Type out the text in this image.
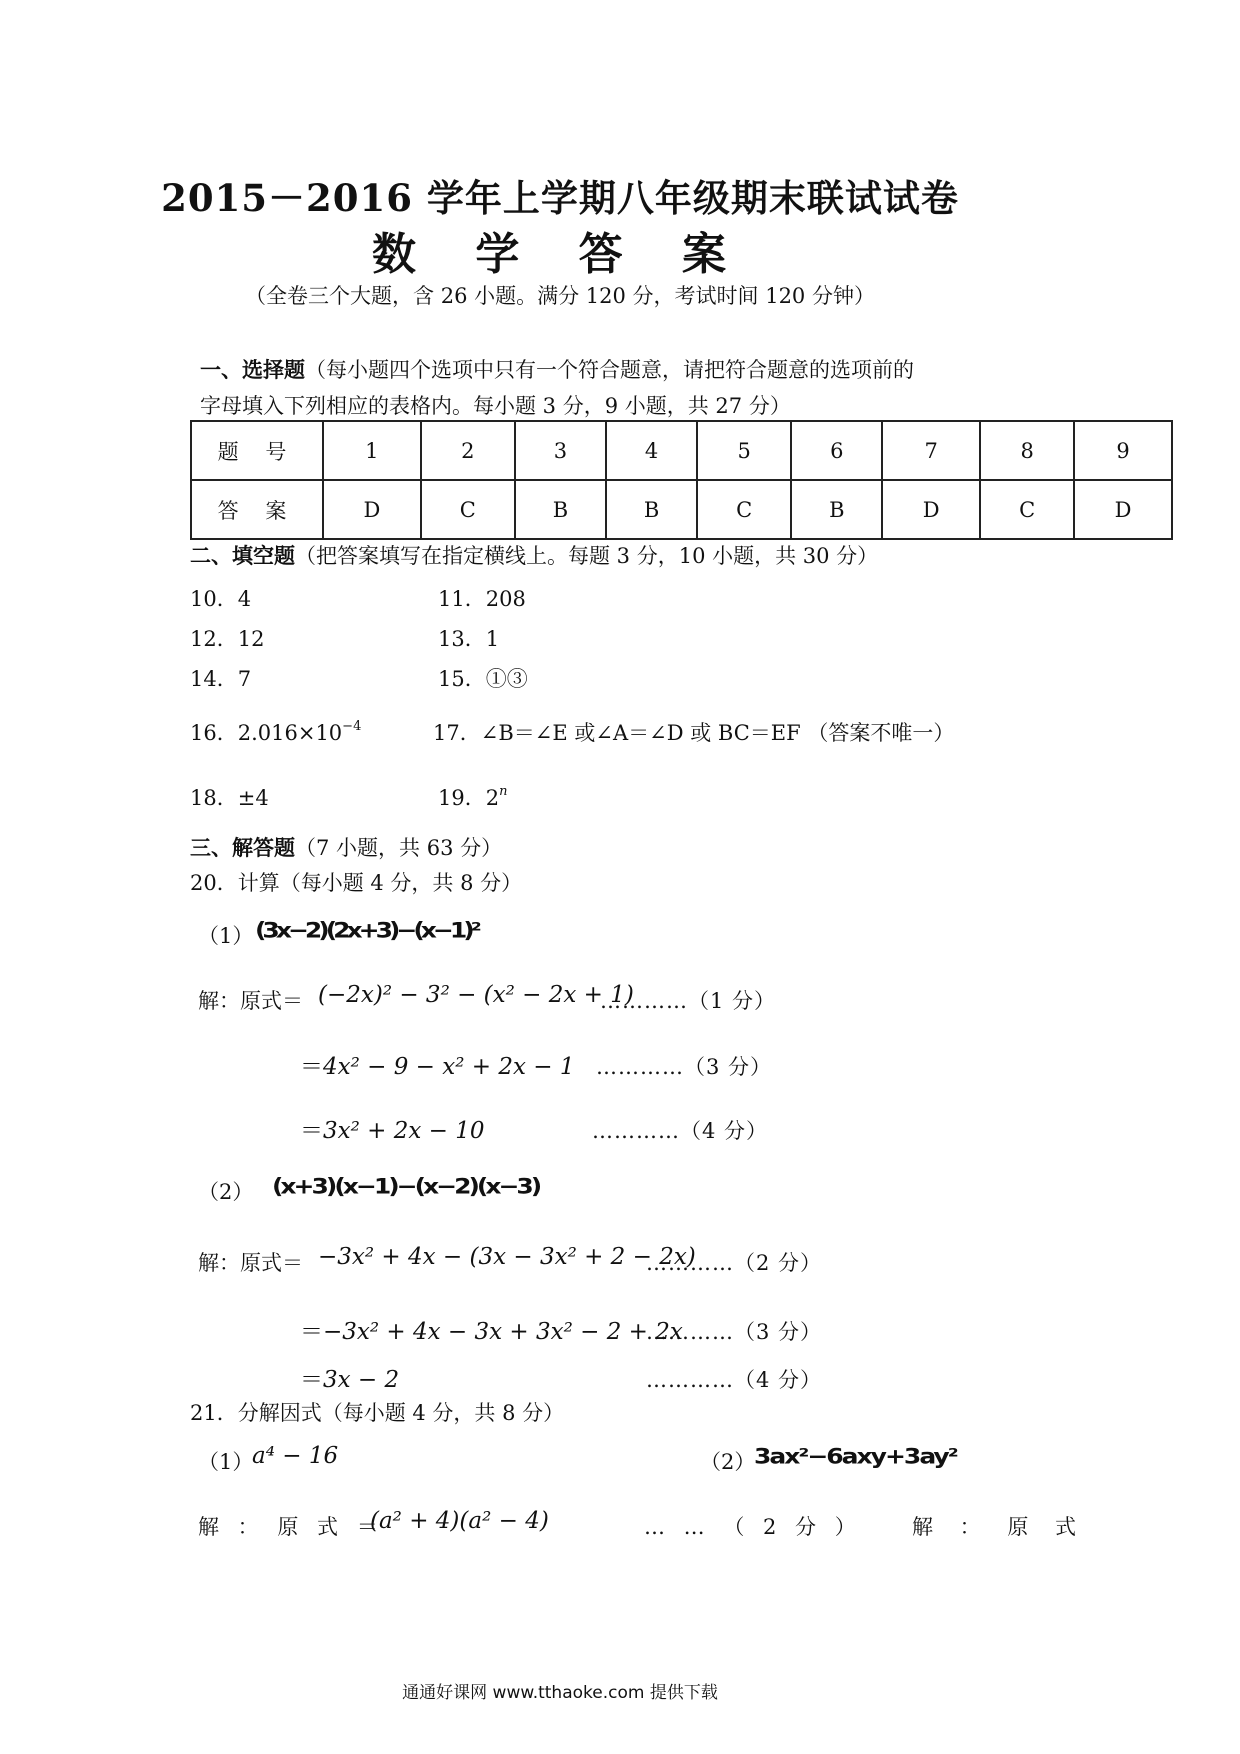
2015－2016 学年上学期八年级期末联试试卷
数 学 答 案
（全卷三个大题，含 26 小题。满分 120 分，考试时间 120 分钟）
一、选择题（每小题四个选项中只有一个符合题意，请把符合题意的选项前的
字母填入下列相应的表格内。每小题 3 分，9 小题，共 27 分）
题 号	1	2	3	4	5	6	7	8	9
答 案	D	C	B	B	C	B	D	C	D
二、填空题（把答案填写在指定横线上。每题 3 分，10 小题，共 30 分）
10．4	11．208
12．12	13．1
14．7	15．①③
16．$2.016\times 10^{-4}$	17．∠B＝∠E 或∠A＝∠D 或 BC＝EF （答案不唯一）
18．±4	19．2$^n$
三、解答题（7 小题，共 63 分）
20．计算（每小题 4 分，共 8 分）
（1） (3x−2)(2x+3)−(x−1)²
解：原式＝ (−2x)² − 3² − (x² − 2x + 1)
…………（1 分）
＝4x² − 9 − x² + 2x − 1 …………（3 分）
＝3x² + 2x − 10	…………（4 分）
（2） (x+3)(x−1)−(x−2)(x−3)
解：原式＝ −3x² + 4x − (3x − 3x² + 2 − 2x)
…………（2 分）
＝−3x² + 4x − 3x + 3x² − 2 + 2x
…………（3 分）
＝3x − 2	…………（4 分）
21．分解因式（每小题 4 分，共 8 分）
（1）
a⁴ − 16	（2）
3ax²−6axy+3ay²
解 ： 原 式 ＝
(a² + 4)(a² − 4)	… … （ 2 分 ） 解 ： 原 式
通通好课网 www.tthaoke.com 提供下载
